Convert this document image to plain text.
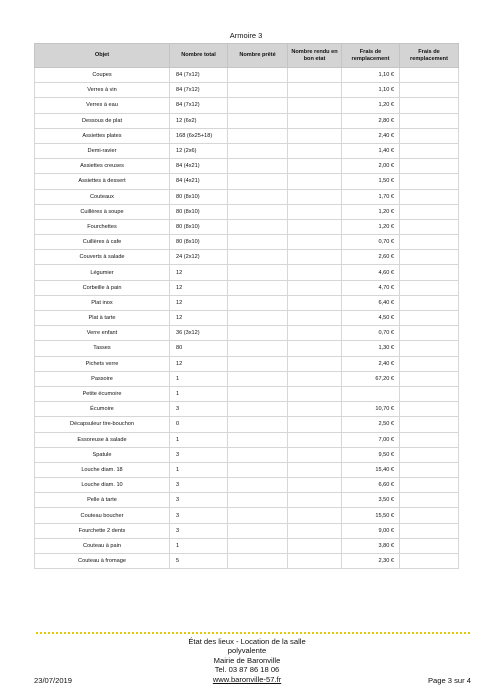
Armoire 3
Objet	Nombre total	Nombre prêté	Nombre rendu en bon etat	Frais de remplacement	Frais de remplacement
Coupes	84 (7x12)			1,10 €	
Verres à vin	84 (7x12)			1,10 €	
Verres à eau	84 (7x12)			1,20 €	
Dessous de plat	12 (6x2)			2,80 €	
Assiettes plates	168 (6x25+18)			2,40 €	
Demi-ravier	12 (2x6)			1,40 €	
Assiettes creuses	84 (4x21)			2,00 €	
Assiettes à dessert	84 (4x21)			1,50 €	
Couteaux	80 (8x10)			1,70 €	
Cuillères à soupe	80 (8x10)			1,20 €	
Fourchettes	80 (8x10)			1,20 €	
Cuillères à cafe	80 (8x10)			0,70 €	
Couverts à salade	24 (2x12)			2,60 €	
Légumier	12			4,60 €	
Corbeille à pain	12			4,70 €	
Plat inox	12			6,40 €	
Plat à tarte	12			4,50 €	
Verre enfant	36 (3x12)			0,70 €	
Tasses	80			1,30 €	
Pichets verre	12			2,40 €	
Passoire	1			67,20 €	
Petite écumoire	1				
Écumoire	3			10,70 €	
Décapsuleur tire-bouchon	0			2,50 €	
Essoreuse à salade	1			7,00 €	
Spatule	3			9,50 €	
Louche diam. 18	1			15,40 €	
Louche diam. 10	3			6,60 €	
Pelle à tarte	3			3,50 €	
Couteau boucher	3			15,50 €	
Fourchette 2 dents	3			9,00 €	
Couteau à pain	1			3,80 €	
Couteau à fromage	5			2,30 €	
État des lieux - Location de la salle
polyvalente
Mairie de Baronville
Tel. 03 87 86 18 06
www.baronville-57.fr
23/07/2019	Page 3 sur 4
